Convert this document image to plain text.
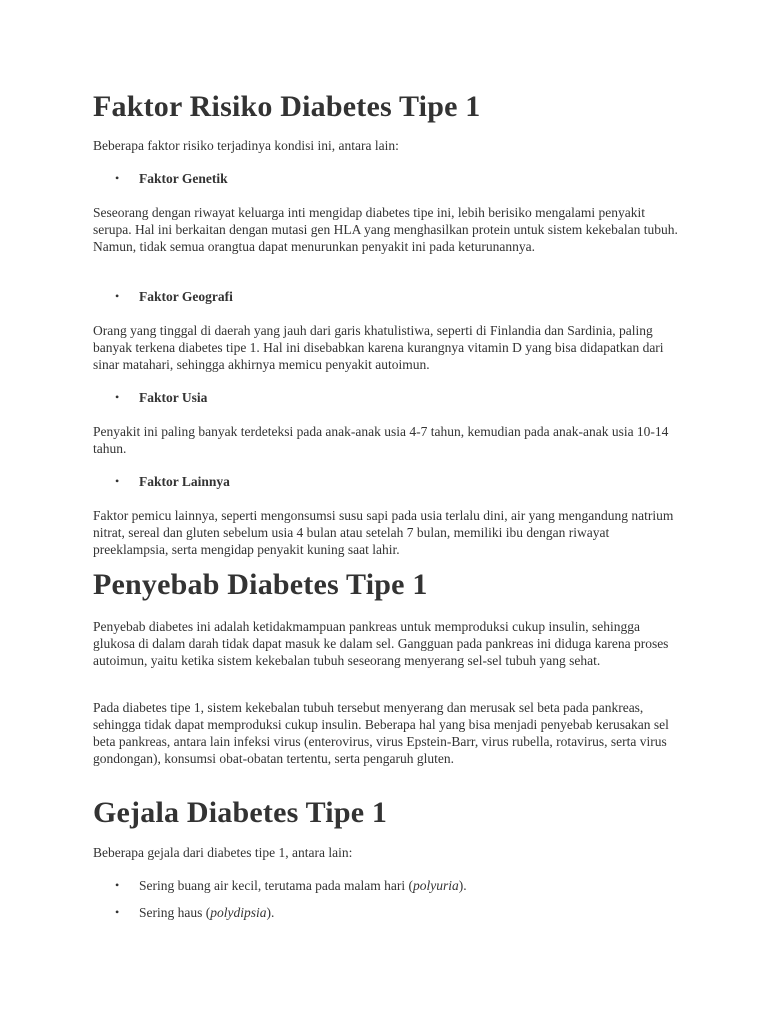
Faktor Risiko Diabetes Tipe 1

Beberapa faktor risiko terjadinya kondisi ini, antara lain:

• Faktor Genetik

Seseorang dengan riwayat keluarga inti mengidap diabetes tipe ini, lebih berisiko mengalami penyakit serupa. Hal ini berkaitan dengan mutasi gen HLA yang menghasilkan protein untuk sistem kekebalan tubuh. Namun, tidak semua orangtua dapat menurunkan penyakit ini pada keturunannya.

• Faktor Geografi

Orang yang tinggal di daerah yang jauh dari garis khatulistiwa, seperti di Finlandia dan Sardinia, paling banyak terkena diabetes tipe 1. Hal ini disebabkan karena kurangnya vitamin D yang bisa didapatkan dari sinar matahari, sehingga akhirnya memicu penyakit autoimun.

• Faktor Usia

Penyakit ini paling banyak terdeteksi pada anak-anak usia 4-7 tahun, kemudian pada anak-anak usia 10-14 tahun.

• Faktor Lainnya

Faktor pemicu lainnya, seperti mengonsumsi susu sapi pada usia terlalu dini, air yang mengandung natrium nitrat, sereal dan gluten sebelum usia 4 bulan atau setelah 7 bulan, memiliki ibu dengan riwayat preeklampsia, serta mengidap penyakit kuning saat lahir.

Penyebab Diabetes Tipe 1

Penyebab diabetes ini adalah ketidakmampuan pankreas untuk memproduksi cukup insulin, sehingga glukosa di dalam darah tidak dapat masuk ke dalam sel. Gangguan pada pankreas ini diduga karena proses autoimun, yaitu ketika sistem kekebalan tubuh seseorang menyerang sel-sel tubuh yang sehat.

Pada diabetes tipe 1, sistem kekebalan tubuh tersebut menyerang dan merusak sel beta pada pankreas, sehingga tidak dapat memproduksi cukup insulin. Beberapa hal yang bisa menjadi penyebab kerusakan sel beta pankreas, antara lain infeksi virus (enterovirus, virus Epstein-Barr, virus rubella, rotavirus, serta virus gondongan), konsumsi obat-obatan tertentu, serta pengaruh gluten.

Gejala Diabetes Tipe 1

Beberapa gejala dari diabetes tipe 1, antara lain:

• Sering buang air kecil, terutama pada malam hari (polyuria).
• Sering haus (polydipsia).
